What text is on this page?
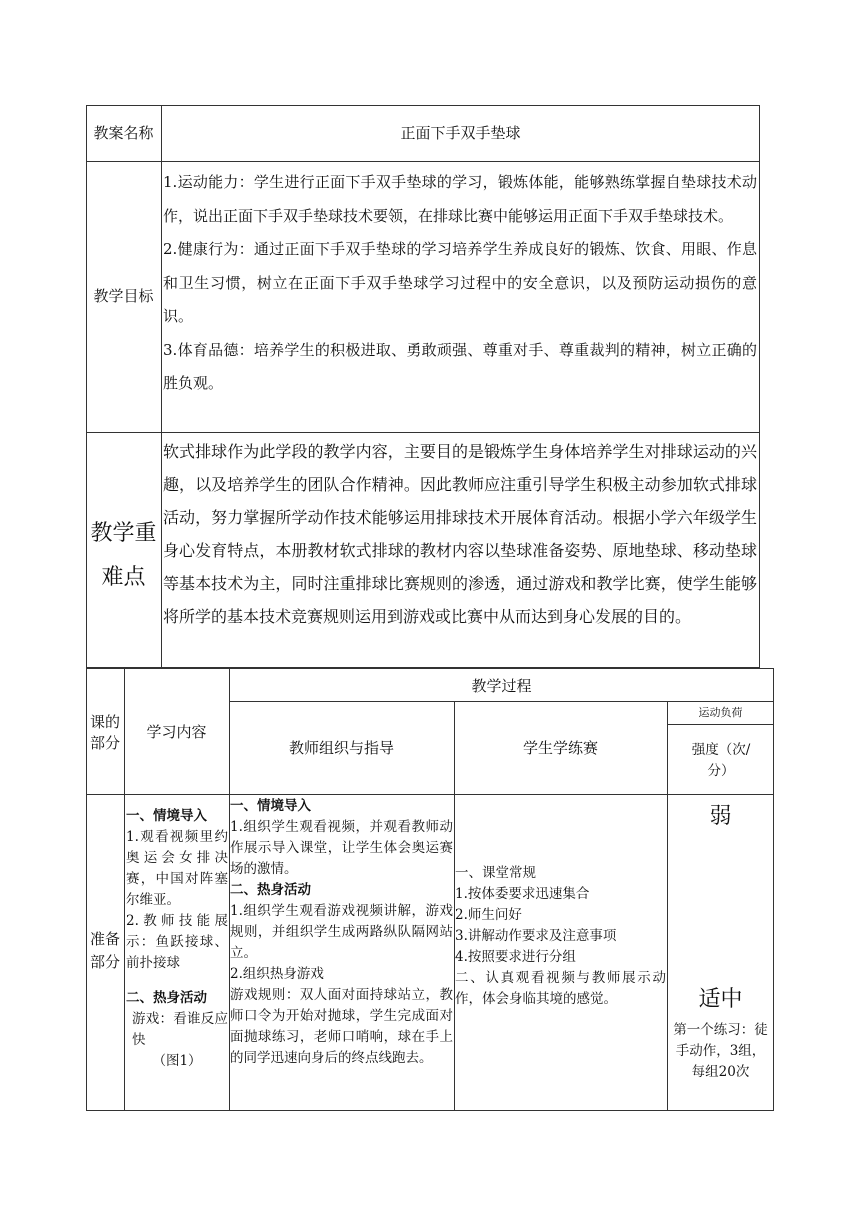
教案名称	正面下手双手垫球
教学目标

1.运动能力：学生进行正面下手双手垫球的学习，锻炼体能，能够熟练掌握自垫球技术动作，说出正面下手双手垫球技术要领，在排球比赛中能够运用正面下手双手垫球技术。

2.健康行为：通过正面下手双手垫球的学习培养学生养成良好的锻炼、饮食、用眼、作息和卫生习惯，树立在正面下手双手垫球学习过程中的安全意识，以及预防运动损伤的意识。

3.体育品德：培养学生的积极进取、勇敢顽强、尊重对手、尊重裁判的精神，树立正确的胜负观。

教学重难点
软式排球作为此学段的教学内容，主要目的是锻炼学生身体培养学生对排球运动的兴趣，以及培养学生的团队合作精神。因此教师应注重引导学生积极主动参加软式排球活动，努力掌握所学动作技术能够运用排球技术开展体育活动。根据小学六年级学生身心发育特点，本册教材软式排球的教材内容以垫球准备姿势、原地垫球、移动垫球等基本技术为主，同时注重排球比赛规则的渗透，通过游戏和教学比赛，使学生能够将所学的基本技术竞赛规则运用到游戏或比赛中从而达到身心发展的目的。
课的部分
学习内容
教学过程
教师组织与指导	学生学练赛
运动负荷
强度（次/分）
准备部分

一、情境导入

1.观看视频里约奥运会女排决赛，中国对阵塞尔维亚。

2.教师技能展示：鱼跃接球、前扑接球

二、热身活动

游戏：看谁反应快

（图1）

一、情境导入

1.组织学生观看视频，并观看教师动作展示导入课堂，让学生体会奥运赛场的激情。

二、热身活动

1.组织学生观看游戏视频讲解，游戏规则，并组织学生成两路纵队隔网站立。

2.组织热身游戏

游戏规则：双人面对面持球站立，教师口令为开始对抛球，学生完成面对面抛球练习，老师口哨响，球在手上的同学迅速向身后的终点线跑去。

一、课堂常规

1.按体委要求迅速集合

2.师生问好

3.讲解动作要求及注意事项

4.按照要求进行分组

二、认真观看视频与教师展示动作，体会身临其境的感觉。

弱
适中
第一个练习：徒手动作，3组，每组20次
